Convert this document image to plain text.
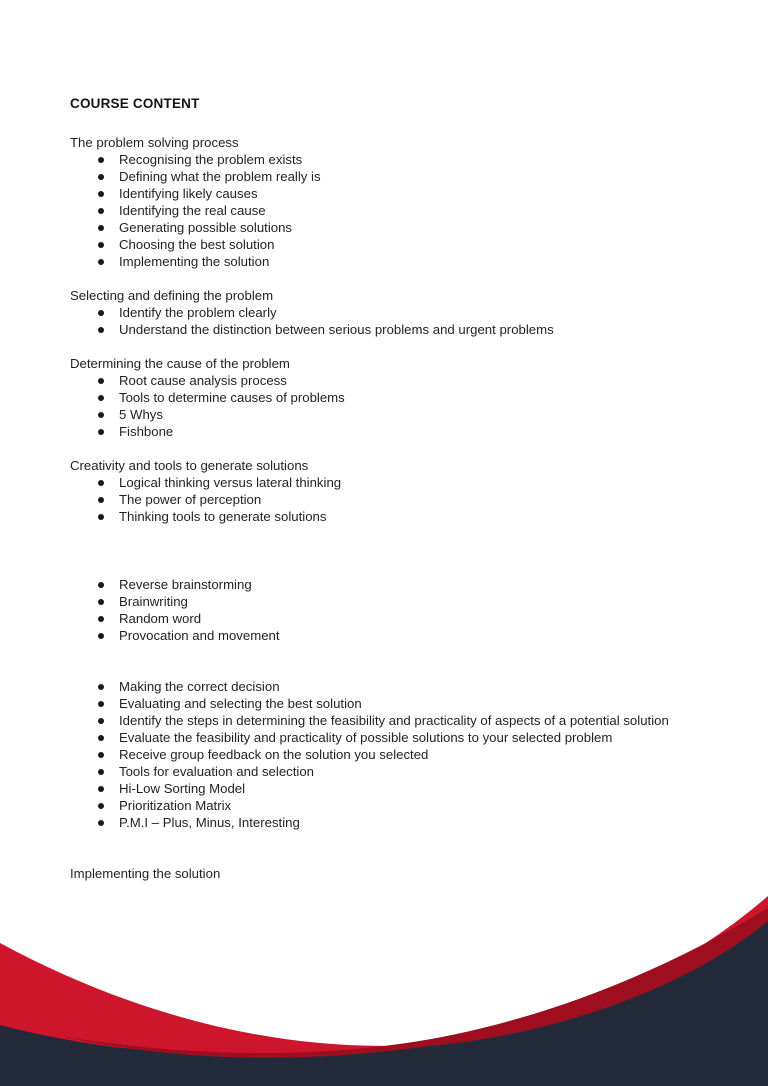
COURSE CONTENT

The problem solving process

Recognising the problem exists
Defining what the problem really is
Identifying likely causes
Identifying the real cause
Generating possible solutions
Choosing the best solution
Implementing the solution

Selecting and defining the problem

Identify the problem clearly
Understand the distinction between serious problems and urgent problems

Determining the cause of the problem

Root cause analysis process
Tools to determine causes of problems
5 Whys
Fishbone

Creativity and tools to generate solutions

Logical thinking versus lateral thinking
The power of perception
Thinking tools to generate solutions
Reverse brainstorming
Brainwriting
Random word
Provocation and movement
Making the correct decision
Evaluating and selecting the best solution
Identify the steps in determining the feasibility and practicality of aspects of a potential solution
Evaluate the feasibility and practicality of possible solutions to your selected problem
Receive group feedback on the solution you selected
Tools for evaluation and selection
Hi-Low Sorting Model
Prioritization Matrix
P.M.I – Plus, Minus, Interesting

Implementing the solution
